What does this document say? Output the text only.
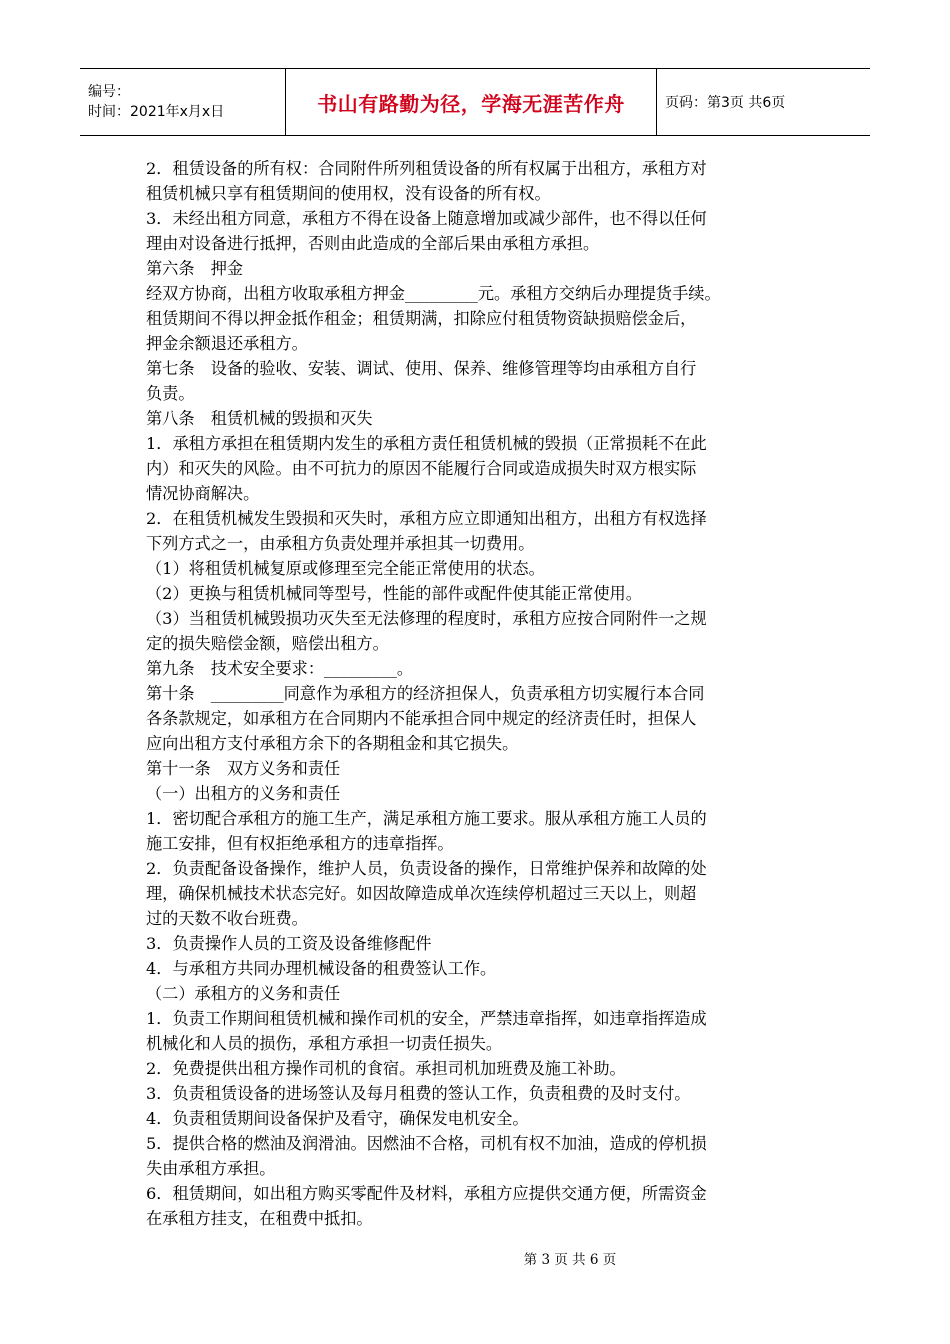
编号：
时间：2021年x月x日	书山有路勤为径，学海无涯苦作舟	页码：第3页 共6页
2．租赁设备的所有权：合同附件所列租赁设备的所有权属于出租方，承租方对
租赁机械只享有租赁期间的使用权，没有设备的所有权。
3．未经出租方同意，承租方不得在设备上随意增加或减少部件，也不得以任何
理由对设备进行抵押，否则由此造成的全部后果由承租方承担。
第六条　押金
经双方协商，出租方收取承租方押金_________元。承租方交纳后办理提货手续。
租赁期间不得以押金抵作租金；租赁期满，扣除应付租赁物资缺损赔偿金后，
押金余额退还承租方。
第七条　设备的验收、安装、调试、使用、保养、维修管理等均由承租方自行
负责。
第八条　租赁机械的毁损和灭失
1．承租方承担在租赁期内发生的承租方责任租赁机械的毁损（正常损耗不在此
内）和灭失的风险。由不可抗力的原因不能履行合同或造成损失时双方根实际
情况协商解决。
2．在租赁机械发生毁损和灭失时，承租方应立即通知出租方，出租方有权选择
下列方式之一，由承租方负责处理并承担其一切费用。
（1）将租赁机械复原或修理至完全能正常使用的状态。
（2）更换与租赁机械同等型号，性能的部件或配件使其能正常使用。
（3）当租赁机械毁损功灭失至无法修理的程度时，承租方应按合同附件一之规
定的损失赔偿金额，赔偿出租方。
第九条　技术安全要求：_________。
第十条　_________同意作为承租方的经济担保人，负责承租方切实履行本合同
各条款规定，如承租方在合同期内不能承担合同中规定的经济责任时，担保人
应向出租方支付承租方余下的各期租金和其它损失。
第十一条　双方义务和责任
（一）出租方的义务和责任
1．密切配合承租方的施工生产，满足承租方施工要求。服从承租方施工人员的
施工安排，但有权拒绝承租方的违章指挥。
2．负责配备设备操作，维护人员，负责设备的操作，日常维护保养和故障的处
理，确保机械技术状态完好。如因故障造成单次连续停机超过三天以上，则超
过的天数不收台班费。
3．负责操作人员的工资及设备维修配件
4．与承租方共同办理机械设备的租费签认工作。
（二）承租方的义务和责任
1．负责工作期间租赁机械和操作司机的安全，严禁违章指挥，如违章指挥造成
机械化和人员的损伤，承租方承担一切责任损失。
2．免费提供出租方操作司机的食宿。承担司机加班费及施工补助。
3．负责租赁设备的进场签认及每月租费的签认工作，负责租费的及时支付。
4．负责租赁期间设备保护及看守，确保发电机安全。
5．提供合格的燃油及润滑油。因燃油不合格，司机有权不加油，造成的停机损
失由承租方承担。
6．租赁期间，如出租方购买零配件及材料，承租方应提供交通方便，所需资金
在承租方挂支，在租费中抵扣。
第 3 页 共 6 页
